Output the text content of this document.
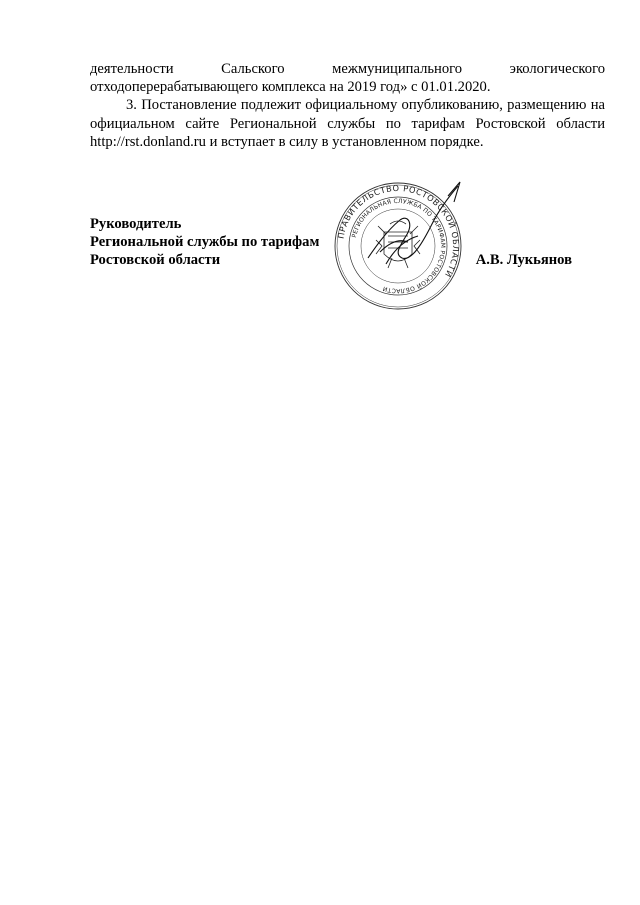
деятельности Сальского межмуниципального экологического

отходоперерабатывающего комплекса на 2019 год» с 01.01.2020.

3. Постановление подлежит официальному опубликованию, размещению на официальном сайте Региональной службы по тарифам Ростовской области http://rst.donland.ru и вступает в силу в установленном порядке.

Руководитель
Региональной службы по тарифам
Ростовской области	А.В. Лукьянов
ПРАВИТЕЛЬСТВО РОСТОВСКОЙ ОБЛАСТИ
РЕГИОНАЛЬНАЯ СЛУЖБА ПО ТАРИФАМ РОСТОВСКОЙ ОБЛАСТИ
